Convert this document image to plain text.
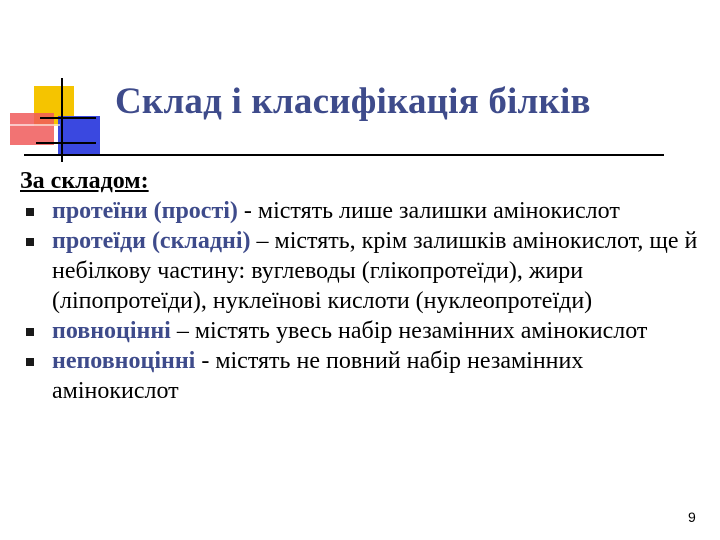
Склад і класифікація білків

За складом:

протеїни (прості) - містять лише залишки амінокислот
протеїди (складні) – містять, крім залишків амінокислот, ще й небілкову частину: вуглеводы (глікопротеїди), жири (ліпопротеїди), нуклеїнові кислоти (нуклеопротеїди)
повноцінні – містять увесь набір незамінних амінокислот
неповноцінні - містять не повний набір незамінних амінокислот
9
